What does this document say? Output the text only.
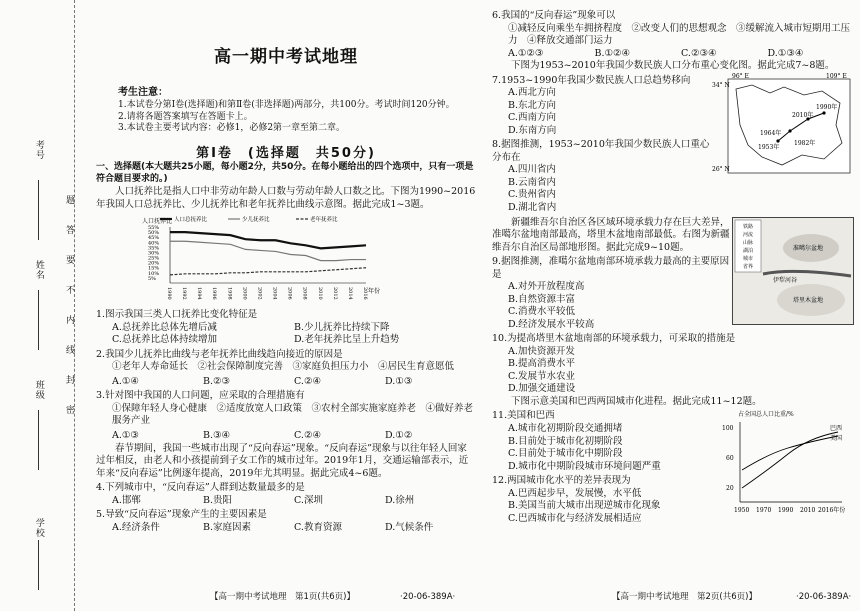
考号
姓名
班级
学校
题
答
要
不
内
线
封
密
高一期中考试地理
考生注意：

1.本试卷分第Ⅰ卷(选择题)和第Ⅱ卷(非选择题)两部分，共100分。考试时间120分钟。

2.请将各题答案填写在答题卡上。

3.本试卷主要考试内容：必修1，必修2第一章至第二章。

第Ⅰ卷　(选择题　共50分)
一、选择题(本大题共25小题，每小题2分，共50分。在每小题给出的四个选项中，只有一项是符合题目要求的。)
人口抚养比是指人口中非劳动年龄人口数与劳动年龄人口数之比。下图为1990~2016年我国人口总抚养比、少儿抚养比和老年抚养比曲线示意图。据此完成1~3题。
人口抚养比
5%
10%
15%
20%
25%
30%
35%
40%
45%
50%
55%
1990 1992 1994 1996 1998 2000 2002 2004 2006 2008 2010 2012 2014 2016 年份
人口总抚养比	少儿抚养比	老年抚养比
1.图示我国三类人口抚养比变化特征是
A.总抚养比总体先增后减	B.少儿抚养比持续下降
C.总抚养比总体持续增加	D.老年抚养比呈上升趋势
2.我国少儿抚养比曲线与老年抚养比曲线趋向接近的原因是
①老年人寿命延长　②社会保障制度完善　③家庭负担压力小　④居民生育意愿低
A.①④	B.②③	C.②④	D.①③
3.针对图中我国的人口问题，应采取的合理措施有
①保障年轻人身心健康　②适度放宽人口政策　③农村全部实施家庭养老　④做好养老服务产业
A.①③	B.③④	C.②④	D.①②
春节期间，我国一些城市出现了“反向春运”现象。“反向春运”现象与以往年轻人回家过年相反，由老人和小孩提前到子女工作的城市过年。2019年1月，交通运输部表示，近年来“反向春运”比例逐年提高，2019年尤其明显。据此完成4~6题。
4.下列城市中，“反向春运”人群到达数量最多的是
A.邯郸	B.贵阳	C.深圳	D.徐州
5.导致“反向春运”现象产生的主要因素是
A.经济条件	B.家庭因素	C.教育资源	D.气候条件
【高一期中考试地理　第1页(共6页)】	·20-06-389A·
6.我国的“反向春运”现象可以
①减轻反向乘坐车拥挤程度　②改变人们的思想观念　③缓解流入城市短期用工压力　④释放交通部门运力
A.①②③	B.①②④	C.②③④	D.①③④
下图为1953~2010年我国少数民族人口分布重心变化图。据此完成7~8题。
7.1953~1990年我国少数民族人口总趋势移向
A.西北方向
B.东北方向
C.西南方向
D.东南方向
8.据图推测，1953~2010年我国少数民族人口重心分布在
A.四川省内
B.云南省内
C.贵州省内
D.湖北省内
96° E	109° E
34° N
26° N
1990年
2010年
1964年
1953年
1982年
新疆维吾尔自治区各区域环境承载力存在巨大差异，准噶尔盆地南部最高，塔里木盆地南部最低。右图为新疆维吾尔自治区局部地形图。据此完成9~10题。
9.据图推测，准噶尔盆地南部环境承载力最高的主要原因是
A.对外开放程度高
B.自然资源丰富
C.消费水平较低
D.经济发展水平较高
铁路
河流
山脉
湖泊
城市
省界
准噶尔盆地
伊犁河谷
塔里木盆地
10.为提高塔里木盆地南部的环境承载力，可采取的措施是
A.加快资源开发
B.提高消费水平
C.发展节水农业
D.加强交通建设
下图示意美国和巴西两国城市化进程。据此完成11~12题。
11.美国和巴西
A.城市化初期阶段交通拥堵
B.目前处于城市化初期阶段
C.目前处于城市化中期阶段
D.城市化中期阶段城市环境问题严重
12.两国城市化水平的差异表现为
A.巴西起步早，发展慢，水平低
B.美国当前大城市出现逆城市化现象
C.巴西城市化与经济发展相适应
占全国总人口比重/%
100
60
20
巴西
美国
1950 1970 1990 2010 2016年份
【高一期中考试地理　第2页(共6页)】	·20-06-389A·
